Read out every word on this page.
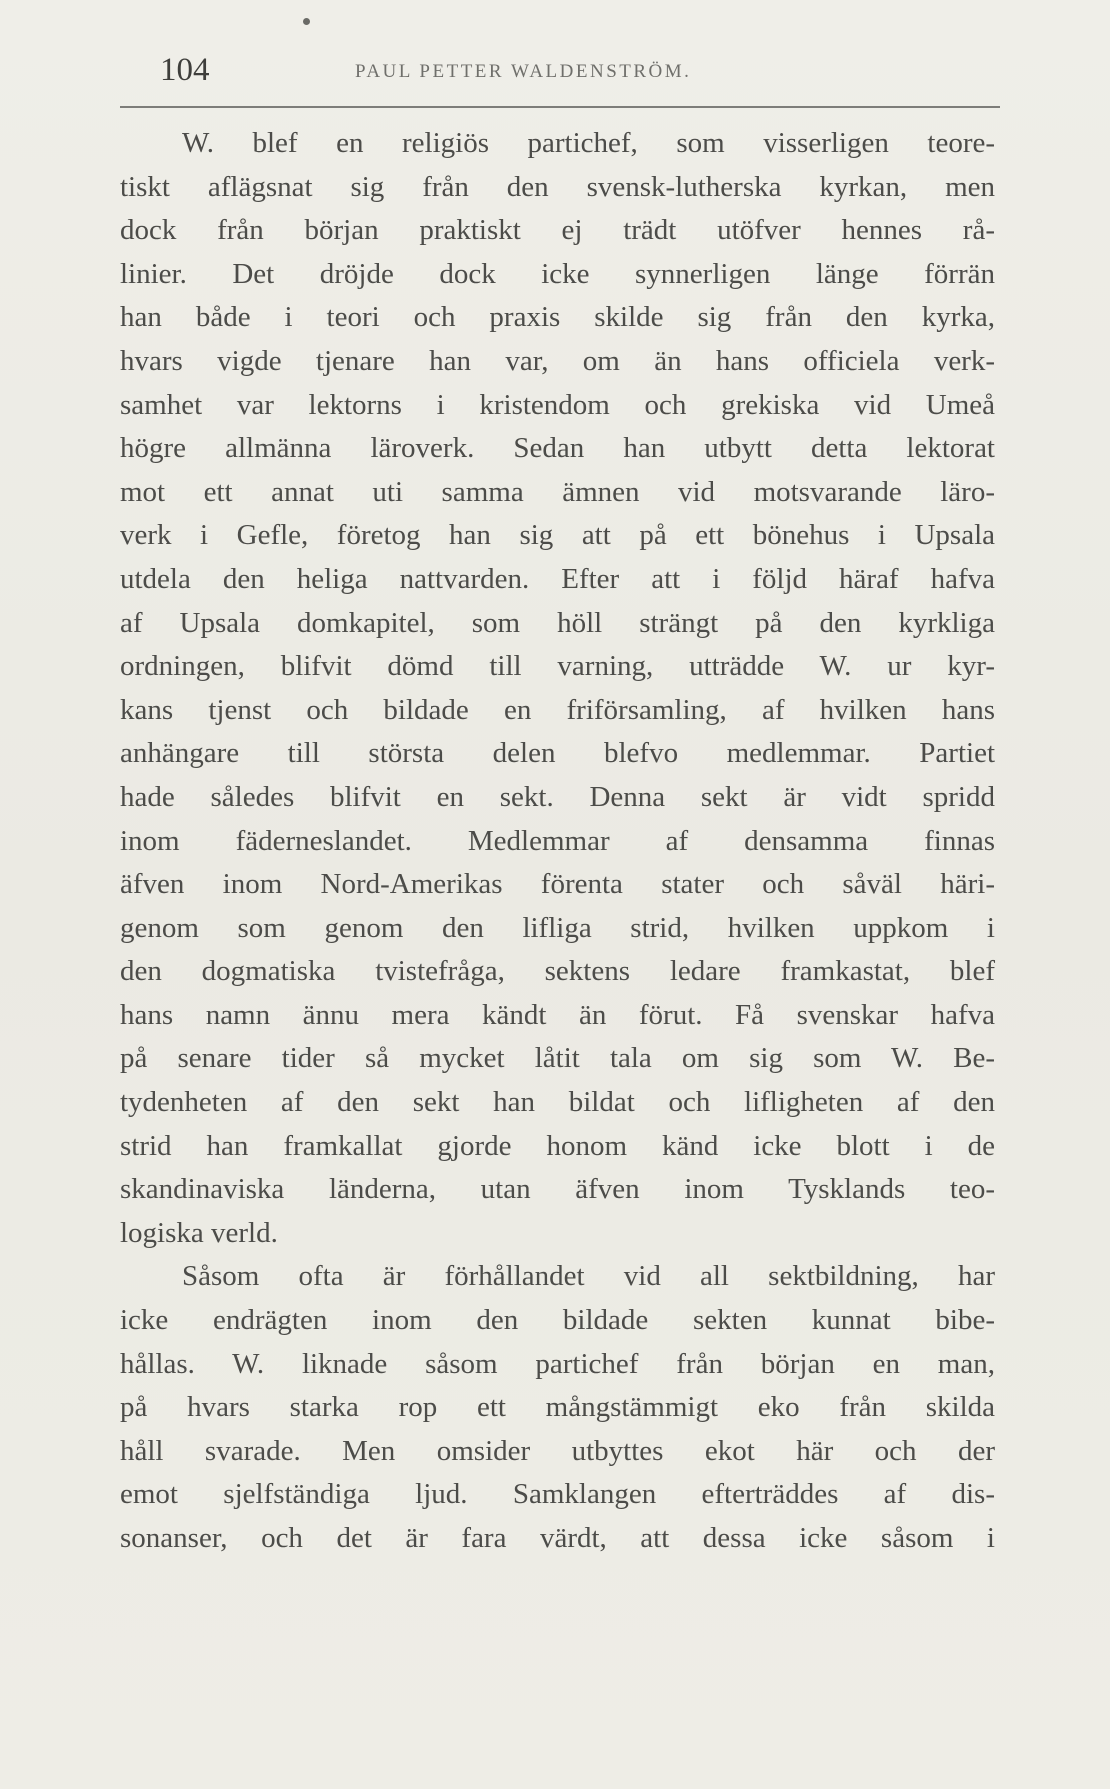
104	PAUL PETTER WALDENSTRÖM.
W. blef en religiös partichef, som visserligen teore-
tiskt aflägsnat sig från den svensk-lutherska kyrkan, men
dock från början praktiskt ej trädt utöfver hennes rå-
linier. Det dröjde dock icke synnerligen länge förrän
han både i teori och praxis skilde sig från den kyrka,
hvars vigde tjenare han var, om än hans officiela verk-
samhet var lektorns i kristendom och grekiska vid Umeå
högre allmänna läroverk. Sedan han utbytt detta lektorat
mot ett annat uti samma ämnen vid motsvarande läro-
verk i Gefle, företog han sig att på ett bönehus i Upsala
utdela den heliga nattvarden. Efter att i följd häraf hafva
af Upsala domkapitel, som höll strängt på den kyrkliga
ordningen, blifvit dömd till varning, utträdde W. ur kyr-
kans tjenst och bildade en friförsamling, af hvilken hans
anhängare till största delen blefvo medlemmar. Partiet
hade således blifvit en sekt. Denna sekt är vidt spridd
inom fäderneslandet. Medlemmar af densamma finnas
äfven inom Nord-Amerikas förenta stater och såväl häri-
genom som genom den lifliga strid, hvilken uppkom i
den dogmatiska tvistefråga, sektens ledare framkastat, blef
hans namn ännu mera kändt än förut. Få svenskar hafva
på senare tider så mycket låtit tala om sig som W. Be-
tydenheten af den sekt han bildat och lifligheten af den
strid han framkallat gjorde honom känd icke blott i de
skandinaviska länderna, utan äfven inom Tysklands teo-
logiska verld.
Såsom ofta är förhållandet vid all sektbildning, har
icke endrägten inom den bildade sekten kunnat bibe-
hållas. W. liknade såsom partichef från början en man,
på hvars starka rop ett mångstämmigt eko från skilda
håll svarade. Men omsider utbyttes ekot här och der
emot sjelfständiga ljud. Samklangen efterträddes af dis-
sonanser, och det är fara värdt, att dessa icke såsom i
